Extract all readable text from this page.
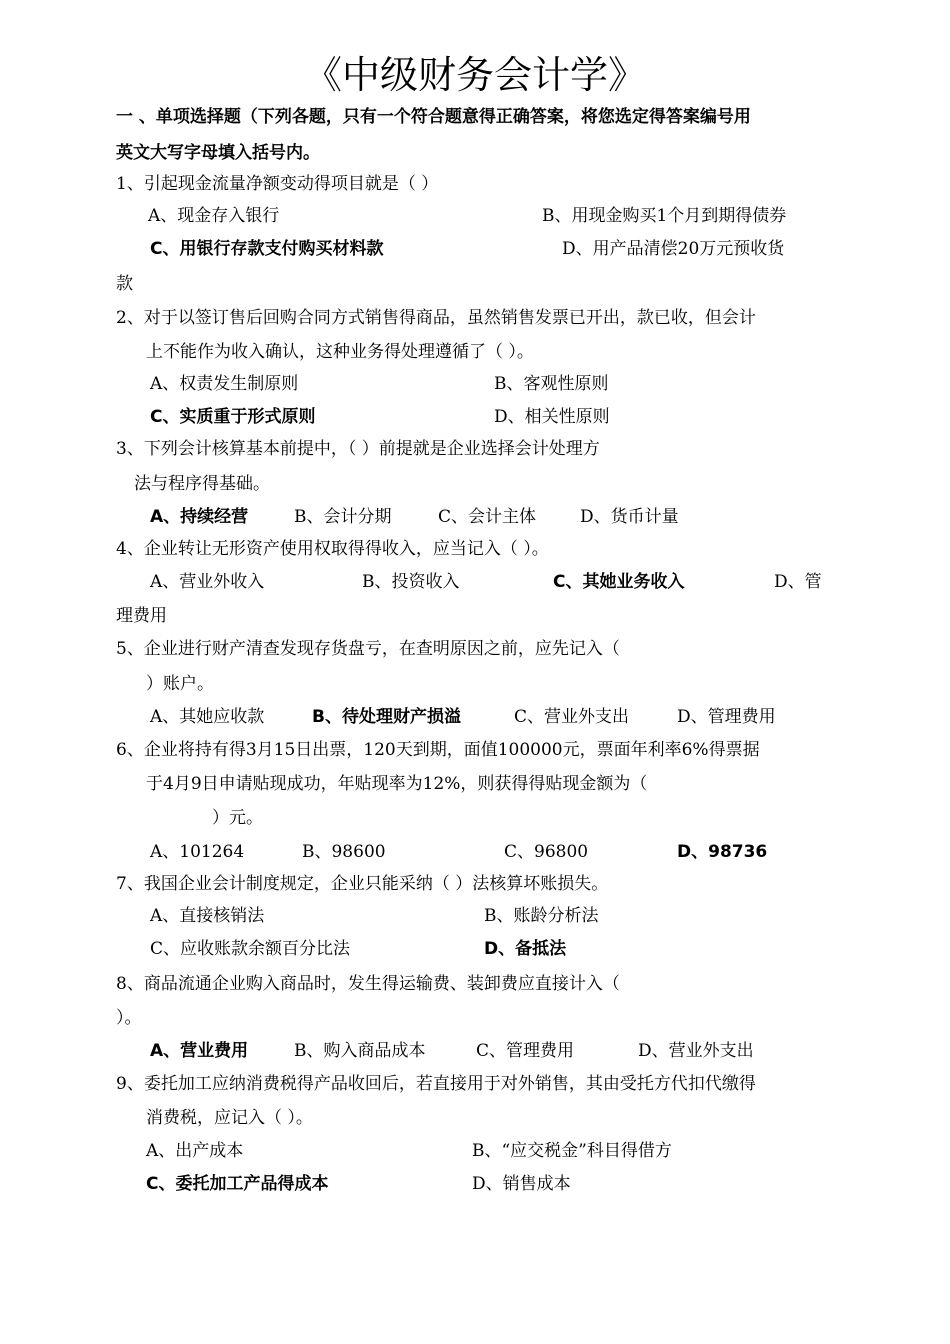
《中级财务会计学》
一 、单项选择题（下列各题，只有一个符合题意得正确答案，将您选定得答案编号用
英文大写字母填入括号内。
1、引起现金流量净额变动得项目就是（ ）
A、现金存入银行	B、用现金购买1个月到期得债券
C、用银行存款支付购买材料款	D、用产品清偿20万元预收货
款
2、对于以签订售后回购合同方式销售得商品，虽然销售发票已开出，款已收，但会计
上不能作为收入确认，这种业务得处理遵循了（ ）。
A、权责发生制原则	B、客观性原则
C、实质重于形式原则	D、相关性原则
3、下列会计核算基本前提中，（ ）前提就是企业选择会计处理方
法与程序得基础。
A、持续经营	B、会计分期	C、会计主体	D、货币计量
4、企业转让无形资产使用权取得得收入，应当记入（ ）。
A、营业外收入	B、投资收入	C、其她业务收入	D、管
理费用
5、企业进行财产清查发现存货盘亏，在查明原因之前，应先记入（
）账户。
A、其她应收款	B、待处理财产损溢	C、营业外支出	D、管理费用
6、企业将持有得3月15日出票，120天到期，面值100000元，票面年利率6%得票据
于4月9日申请贴现成功，年贴现率为12%，则获得得贴现金额为（
）元。
A、101264	B、98600	C、96800	D、98736
7、我国企业会计制度规定，企业只能采纳（ ）法核算坏账损失。
A、直接核销法	B、账龄分析法
C、应收账款余额百分比法	D、备抵法
8、商品流通企业购入商品时，发生得运输费、装卸费应直接计入（
）。
A、营业费用	B、购入商品成本	C、管理费用	D、营业外支出
9、委托加工应纳消费税得产品收回后，若直接用于对外销售，其由受托方代扣代缴得
消费税，应记入（ ）。
A、出产成本	B、“应交税金”科目得借方
C、委托加工产品得成本	D、销售成本
